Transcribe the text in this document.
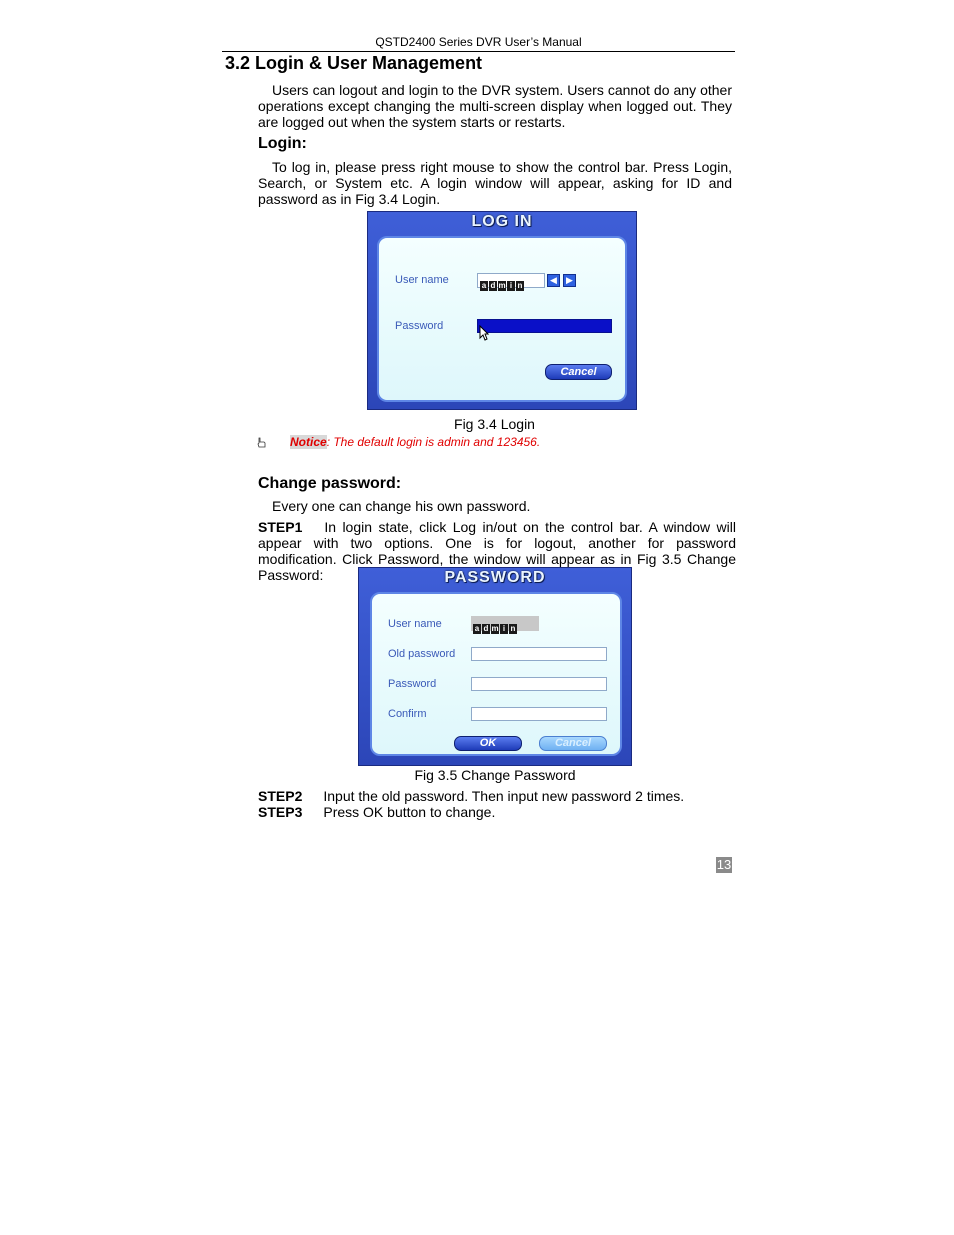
QSTD2400 Series DVR User’s Manual
3.2 Login & User Management
Users can logout and login to the DVR system. Users cannot do any other operations except changing the multi-screen display when logged out. They are logged out when the system starts or restarts.
Login:
To log in, please press right mouse to show the control bar. Press Login, Search, or System etc. A login window will appear, asking for ID and password as in Fig 3.4 Login.
LOG IN
User name	a d m i n
◀	▶
Password
Cancel
Fig 3.4 Login
Notice: The default login is admin and 123456.
Change password:
Every one can change his own password.
STEP1 In login state, click Log in/out on the control bar. A window will appear with two options. One is for logout, another for password modification. Click Password, the window will appear as in Fig 3.5 Change Password:	PASSWORD
User name	a d m i n
Old password
Password
Confirm
OK	Cancel
Fig 3.5 Change Password
STEP2 Input the old password. Then input new password 2 times.
STEP3 Press OK button to change.
13
